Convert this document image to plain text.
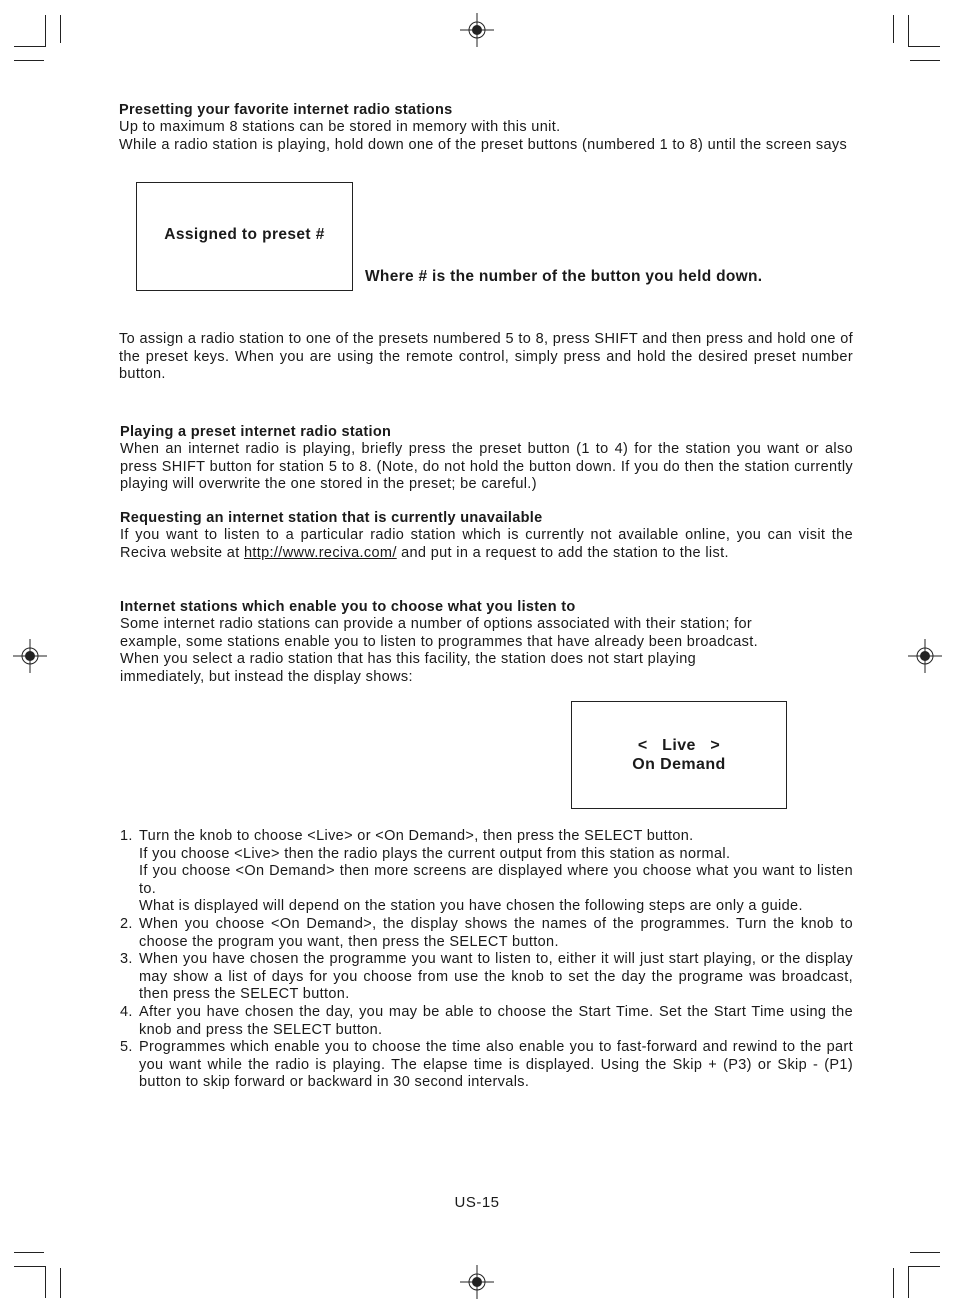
Presetting your favorite internet radio stations

Up to maximum 8 stations can be stored in memory with this unit.

While a radio station is playing, hold down one of the preset buttons (numbered 1 to 8) until the screen says

Assigned to preset #
Where # is the number of the button you held down.
To assign a radio station to one of the presets numbered 5 to 8, press SHIFT and then press and hold one of the preset keys. When you are using the remote control, simply press and hold the desired preset number button.

Playing a preset internet radio station

When an internet radio is playing, briefly press the preset button (1 to 4) for the station you want or also press SHIFT button for station 5 to 8. (Note, do not hold the button down. If you do then the station currently playing will overwrite the one stored in the preset; be careful.)

Requesting an internet station that is currently unavailable

If you want to listen to a particular radio station which is currently not available online, you can visit the Reciva website at http://www.reciva.com/ and put in a request to add the station to the list.

Internet stations which enable you to choose what you listen to

Some internet radio stations can provide a number of options associated with their station; for

example, some stations enable you to listen to programmes that have already been broadcast.

When you select a radio station that has this facility, the station does not start playing

immediately, but instead the display shows:

<   Live   >
On Demand
1. Turn the knob to choose <Live> or <On Demand>, then press the SELECT button.

If you choose <Live> then the radio plays the current output from this station as normal.

If you choose <On Demand> then more screens are displayed where you choose what you want to listen to.

What is displayed will depend on the station you have chosen the following steps are only a guide.

2. When you choose <On Demand>, the display shows the names of the programmes. Turn the knob to choose the program you want, then press the SELECT button.

3. When you have chosen the programme you want to listen to, either it will just start playing, or the display may show a list of days for you choose from use the knob to set the day the programe was broadcast, then press the SELECT button.

4. After you have chosen the day, you may be able to choose the Start Time. Set the Start Time using the knob and press the SELECT button.

5. Programmes which enable you to choose the time also enable you to fast-forward and rewind to the part you want while the radio is playing. The elapse time is displayed. Using the Skip + (P3) or Skip - (P1) button to skip forward or backward in 30 second intervals.

US-15
